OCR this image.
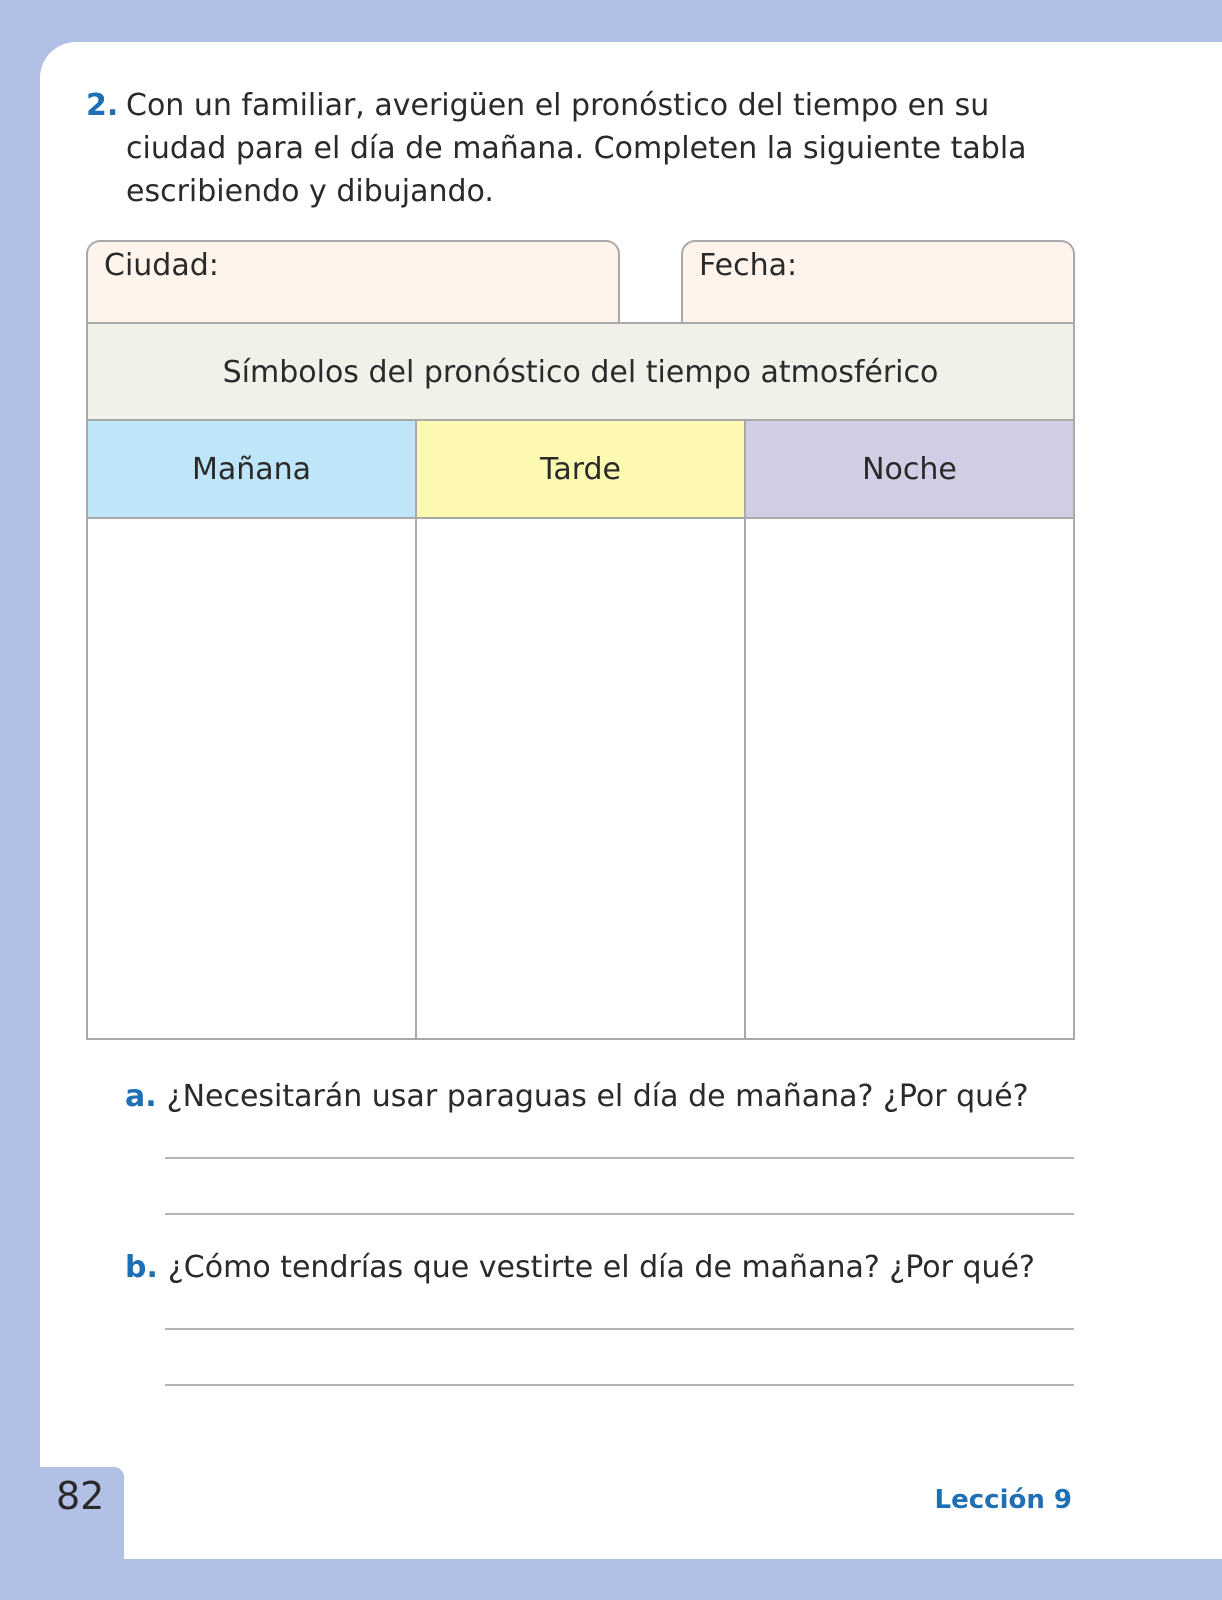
2. Con un familiar, averigüen el pronóstico del tiempo en su ciudad para el día de mañana. Completen la siguiente tabla escribiendo y dibujando.
Ciudad:	Fecha:
Símbolos del pronóstico del tiempo atmosférico
Mañana	Tarde	Noche
a. ¿Necesitarán usar paraguas el día de mañana? ¿Por qué?
b. ¿Cómo tendrías que vestirte el día de mañana? ¿Por qué?
82	Lección 9
